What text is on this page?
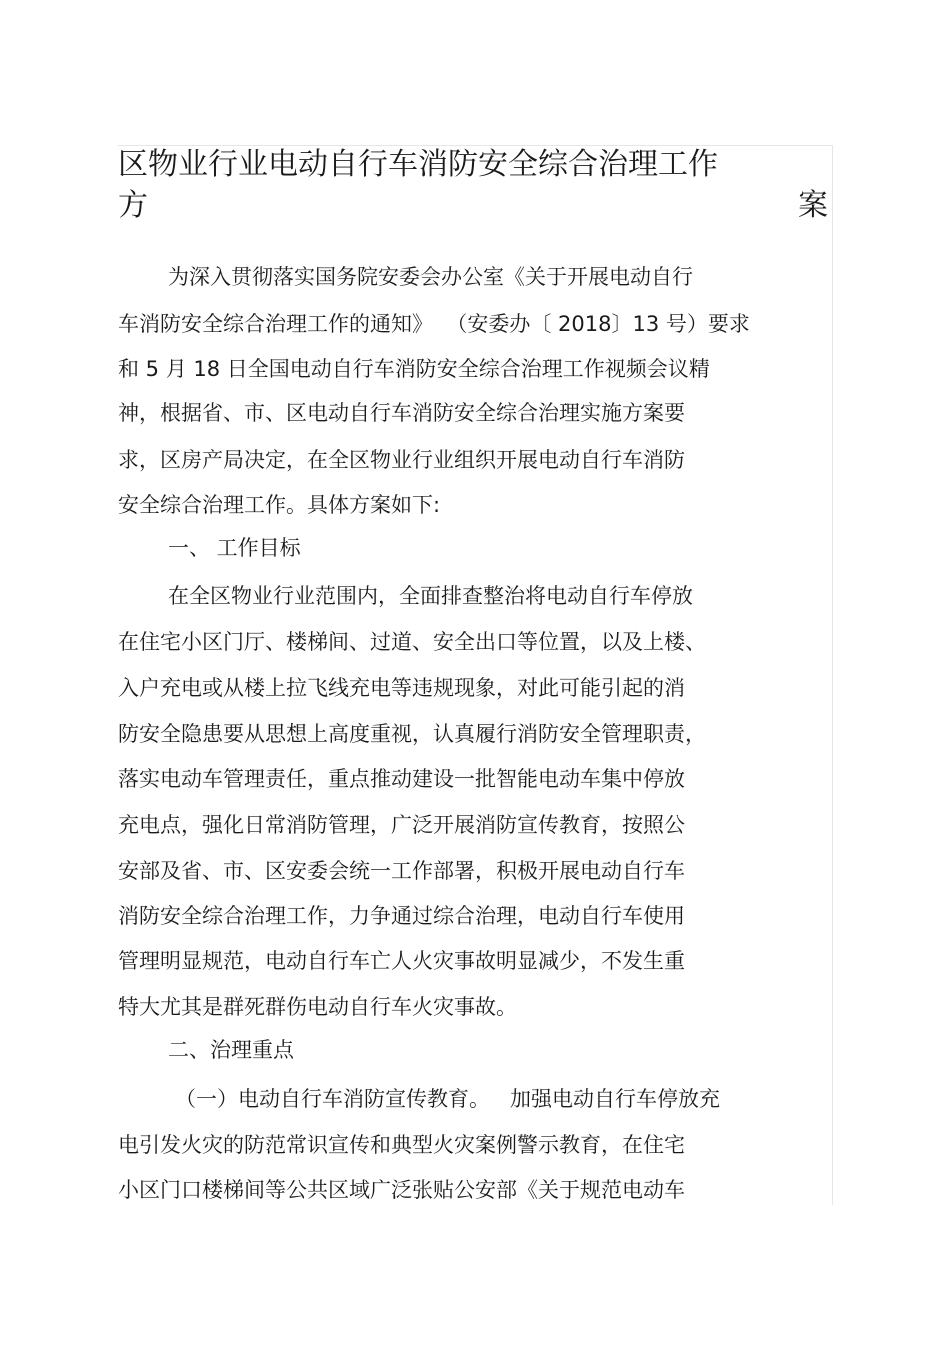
区物业行业电动自行车消防安全综合治理工作
方	案
为深入贯彻落实国务院安委会办公室《关于开展电动自行
车消防安全综合治理工作的通知》  （安委办〔 2018〕13 号）要求
和 5 月 18 日全国电动自行车消防安全综合治理工作视频会议精
神，根据省、市、区电动自行车消防安全综合治理实施方案要
求，区房产局决定，在全区物业行业组织开展电动自行车消防
安全综合治理工作。具体方案如下:
一、 工作目标
在全区物业行业范围内，全面排查整治将电动自行车停放
在住宅小区门厅、楼梯间、过道、安全出口等位置，以及上楼、
入户充电或从楼上拉飞线充电等违规现象，对此可能引起的消
防安全隐患要从思想上高度重视，认真履行消防安全管理职责，
落实电动车管理责任，重点推动建设一批智能电动车集中停放
充电点，强化日常消防管理，广泛开展消防宣传教育，按照公
安部及省、市、区安委会统一工作部署，积极开展电动自行车
消防安全综合治理工作，力争通过综合治理，电动自行车使用
管理明显规范，电动自行车亡人火灾事故明显减少，不发生重
特大尤其是群死群伤电动自行车火灾事故。
二、治理重点
（一）电动自行车消防宣传教育。   加强电动自行车停放充
电引发火灾的防范常识宣传和典型火灾案例警示教育，在住宅
小区门口楼梯间等公共区域广泛张贴公安部《关于规范电动车
